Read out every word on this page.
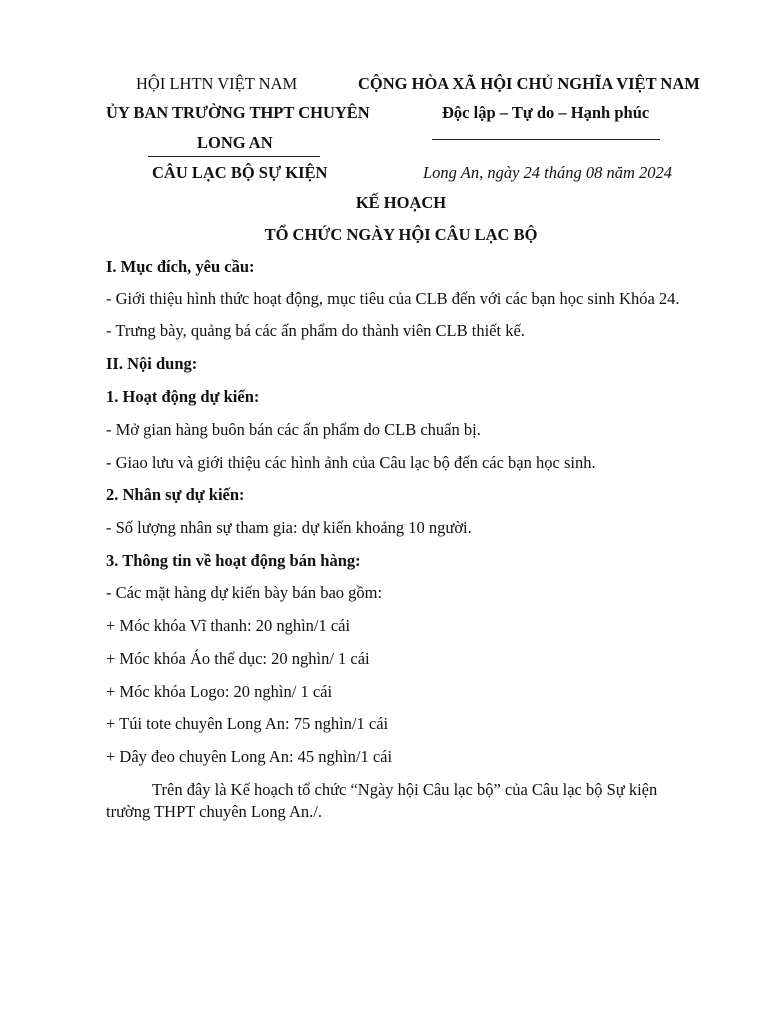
HỘI LHTN VIỆT NAM
ỦY BAN TRƯỜNG THPT CHUYÊN
LONG AN
CÂU LẠC BỘ SỰ KIỆN
CỘNG HÒA XÃ HỘI CHỦ NGHĨA VIỆT NAM
Độc lập – Tự do – Hạnh phúc
Long An, ngày 24 tháng 08 năm 2024
KẾ HOẠCH
TỔ CHỨC NGÀY HỘI CÂU LẠC BỘ

I. Mục đích, yêu cầu:

- Giới thiệu hình thức hoạt động, mục tiêu của CLB đến với các bạn học sinh Khóa 24.

- Trưng bày, quảng bá các ấn phẩm do thành viên CLB thiết kế.

II. Nội dung:

1. Hoạt động dự kiến:

- Mở gian hàng buôn bán các ấn phẩm do CLB chuẩn bị.

- Giao lưu và giới thiệu các hình ảnh của Câu lạc bộ đến các bạn học sinh.

2. Nhân sự dự kiến:

- Số lượng nhân sự tham gia: dự kiến khoảng 10 người.

3. Thông tin về hoạt động bán hàng:

- Các mặt hàng dự kiến bày bán bao gồm:

+ Móc khóa Vĩ thanh: 20 nghìn/1 cái

+ Móc khóa Áo thể dục: 20 nghìn/ 1 cái

+ Móc khóa Logo: 20 nghìn/ 1 cái

+ Túi tote chuyên Long An: 75 nghìn/1 cái

+ Dây đeo chuyên Long An: 45 nghìn/1 cái

Trên đây là Kế hoạch tổ chức “Ngày hội Câu lạc bộ” của Câu lạc bộ Sự kiện trường THPT chuyên Long An./.
